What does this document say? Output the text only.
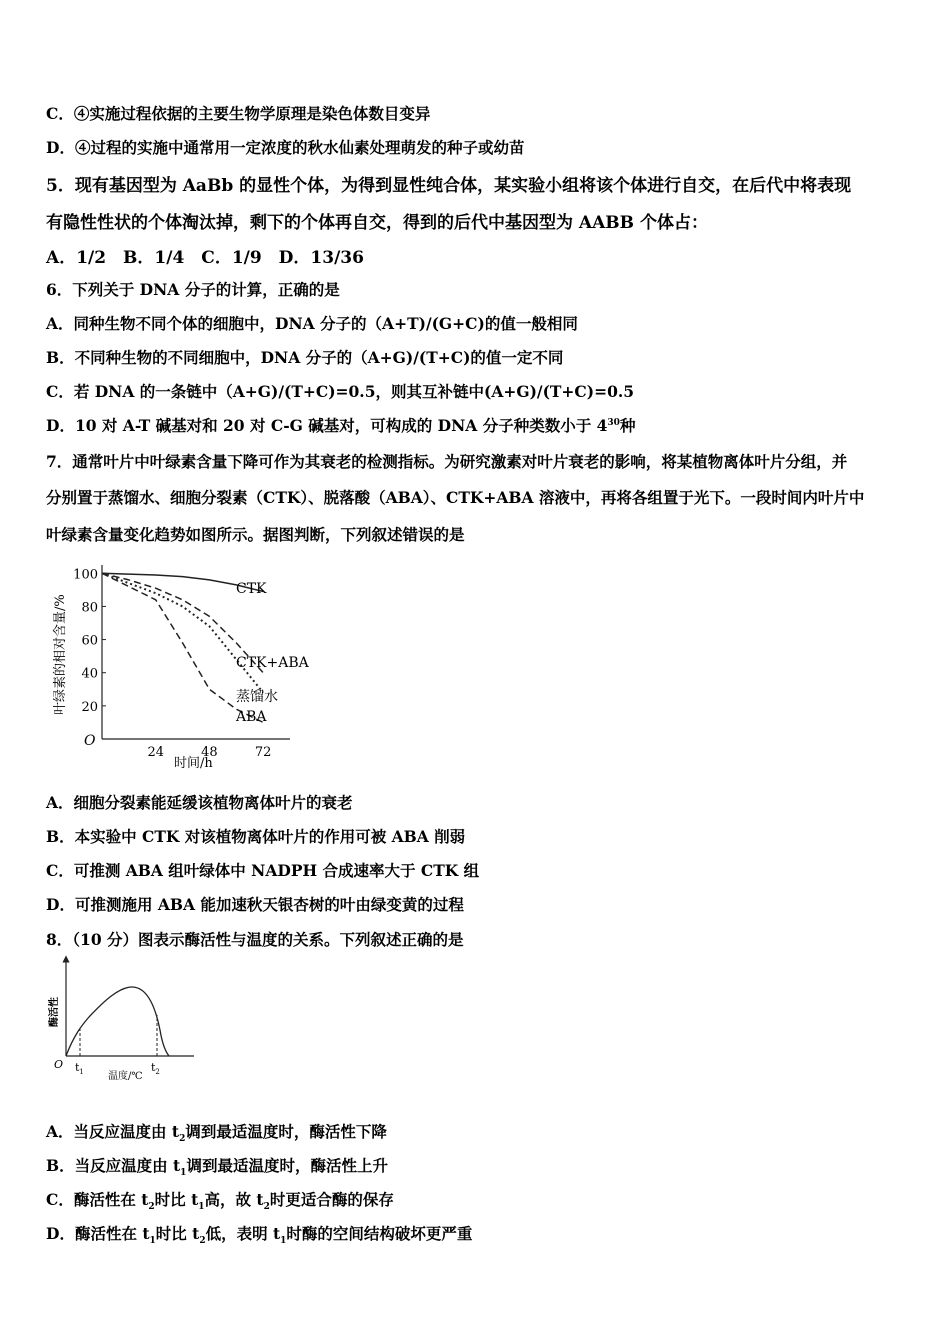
C．④实施过程依据的主要生物学原理是染色体数目变异
D．④过程的实施中通常用一定浓度的秋水仙素处理萌发的种子或幼苗
5．现有基因型为 AaBb 的显性个体，为得到显性纯合体，某实验小组将该个体进行自交，在后代中将表现
有隐性性状的个体淘汰掉，剩下的个体再自交，得到的后代中基因型为 AABB 个体占：
A．1/2　B．1/4　C．1/9　D．13/36
6．下列关于 DNA 分子的计算，正确的是
A．同种生物不同个体的细胞中，DNA 分子的（A+T)/(G+C)的值一般相同
B．不同种生物的不同细胞中，DNA 分子的（A+G)/(T+C)的值一定不同
C．若 DNA 的一条链中（A+G)/(T+C)=0.5，则其互补链中(A+G)/(T+C)=0.5
D．10 对 A-T 碱基对和 20 对 C-G 碱基对，可构成的 DNA 分子种类数小于 $4^{30}$种
7．通常叶片中叶绿素含量下降可作为其衰老的检测指标。为研究激素对叶片衰老的影响，将某植物离体叶片分组，并
分别置于蒸馏水、细胞分裂素（CTK）、脱落酸（ABA）、CTK+ABA 溶液中，再将各组置于光下。一段时间内叶片中
叶绿素含量变化趋势如图所示。据图判断，下列叙述错误的是
100
80
60
40
20
24	48	72
CTK
CTK+ABA
蒸馏水
ABA
O
时间/h
叶绿素的相对含量/%
A．细胞分裂素能延缓该植物离体叶片的衰老
B．本实验中 CTK 对该植物离体叶片的作用可被 ABA 削弱
C．可推测 ABA 组叶绿体中 NADPH 合成速率大于 CTK 组
D．可推测施用 ABA 能加速秋天银杏树的叶由绿变黄的过程
8．（10 分）图表示酶活性与温度的关系。下列叙述正确的是
O $t_1$	$t_2$
温度/℃
酶活性
A．当反应温度由 $t_2$调到最适温度时，酶活性下降
B．当反应温度由 $t_1$调到最适温度时，酶活性上升
C．酶活性在 $t_2$时比 $t_1$高，故 $t_2$时更适合酶的保存
D．酶活性在 $t_1$时比 $t_2$低，表明 $t_1$时酶的空间结构破坏更严重
